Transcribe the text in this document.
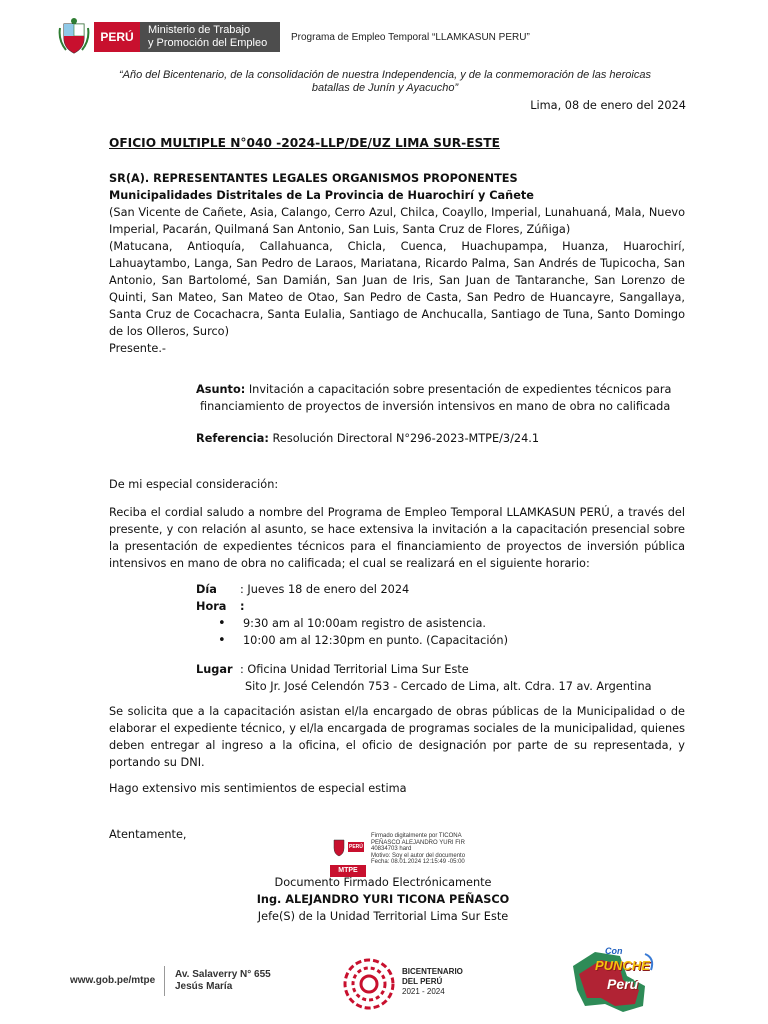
PERÚ Ministerio de Trabajo
y Promoción del Empleo	Programa de Empleo Temporal “LLAMKASUN PERU”
“Año del Bicentenario, de la consolidación de nuestra Independencia, y de la conmemoración de las heroicas
batallas de Junín y Ayacucho”
Lima, 08 de enero del 2024
OFICIO MULTIPLE N°040 -2024-LLP/DE/UZ LIMA SUR-ESTE
SR(A). REPRESENTANTES LEGALES ORGANISMOS PROPONENTES
Municipalidades Distritales de La Provincia de Huarochirí y Cañete
(San Vicente de Cañete, Asia, Calango, Cerro Azul, Chilca, Coayllo, Imperial, Lunahuaná, Mala, Nuevo Imperial, Pacarán, Quilmaná San Antonio, San Luis, Santa Cruz de Flores, Zúñiga)
(Matucana, Antioquía, Callahuanca, Chicla, Cuenca, Huachupampa, Huanza, Huarochirí, Lahuaytambo, Langa, San Pedro de Laraos, Mariatana, Ricardo Palma, San Andrés de Tupicocha, San Antonio, San Bartolomé, San Damián, San Juan de Iris, San Juan de Tantaranche, San Lorenzo de Quinti, San Mateo, San Mateo de Otao, San Pedro de Casta, San Pedro de Huancayre, Sangallaya, Santa Cruz de Cocachacra, Santa Eulalia, Santiago de Anchucalla, Santiago de Tuna, Santo Domingo de los Olleros, Surco)
Presente.-
Asunto: Invitación a capacitación sobre presentación de expedientes técnicos para
financiamiento de proyectos de inversión intensivos en mano de obra no calificada
Referencia: Resolución Directoral N°296-2023-MTPE/3/24.1
De mi especial consideración:
Reciba el cordial saludo a nombre del Programa de Empleo Temporal LLAMKASUN PERÚ, a través del presente, y con relación al asunto, se hace extensiva la invitación a la capacitación presencial sobre la presentación de expedientes técnicos para el financiamiento de proyectos de inversión pública intensivos en mano de obra no calificada; el cual se realizará en el siguiente horario:
Día	: Jueves 18 de enero del 2024
Hora	:
• 9:30 am al 10:00am registro de asistencia.
• 10:00 am al 12:30pm en punto. (Capacitación)
Lugar : Oficina Unidad Territorial Lima Sur Este
Sito Jr. José Celendón 753 - Cercado de Lima, alt. Cdra. 17 av. Argentina
Se solicita que a la capacitación asistan el/la encargado de obras públicas de la Municipalidad o de elaborar el expediente técnico, y el/la encargada de programas sociales de la municipalidad, quienes deben entregar al ingreso a la oficina, el oficio de designación por parte de su representada, y portando su DNI.
Hago extensivo mis sentimientos de especial estima
Atentamente,
PERÚ
MTPE
Firmado digitalmente por TICONA
PEÑASCO ALEJANDRO YURI FIR
40834703 hard
Motivo: Soy el autor del documento
Fecha: 08.01.2024 12:15:49 -05:00
Documento Firmado Electrónicamente
Ing. ALEJANDRO YURI TICONA PEÑASCO
Jefe(S) de la Unidad Territorial Lima Sur Este
www.gob.pe/mtpe
Av. Salaverry N° 655
Jesús María
BICENTENARIO
DEL PERÚ
2021 - 2024
Con
PUNCHE
Perú
